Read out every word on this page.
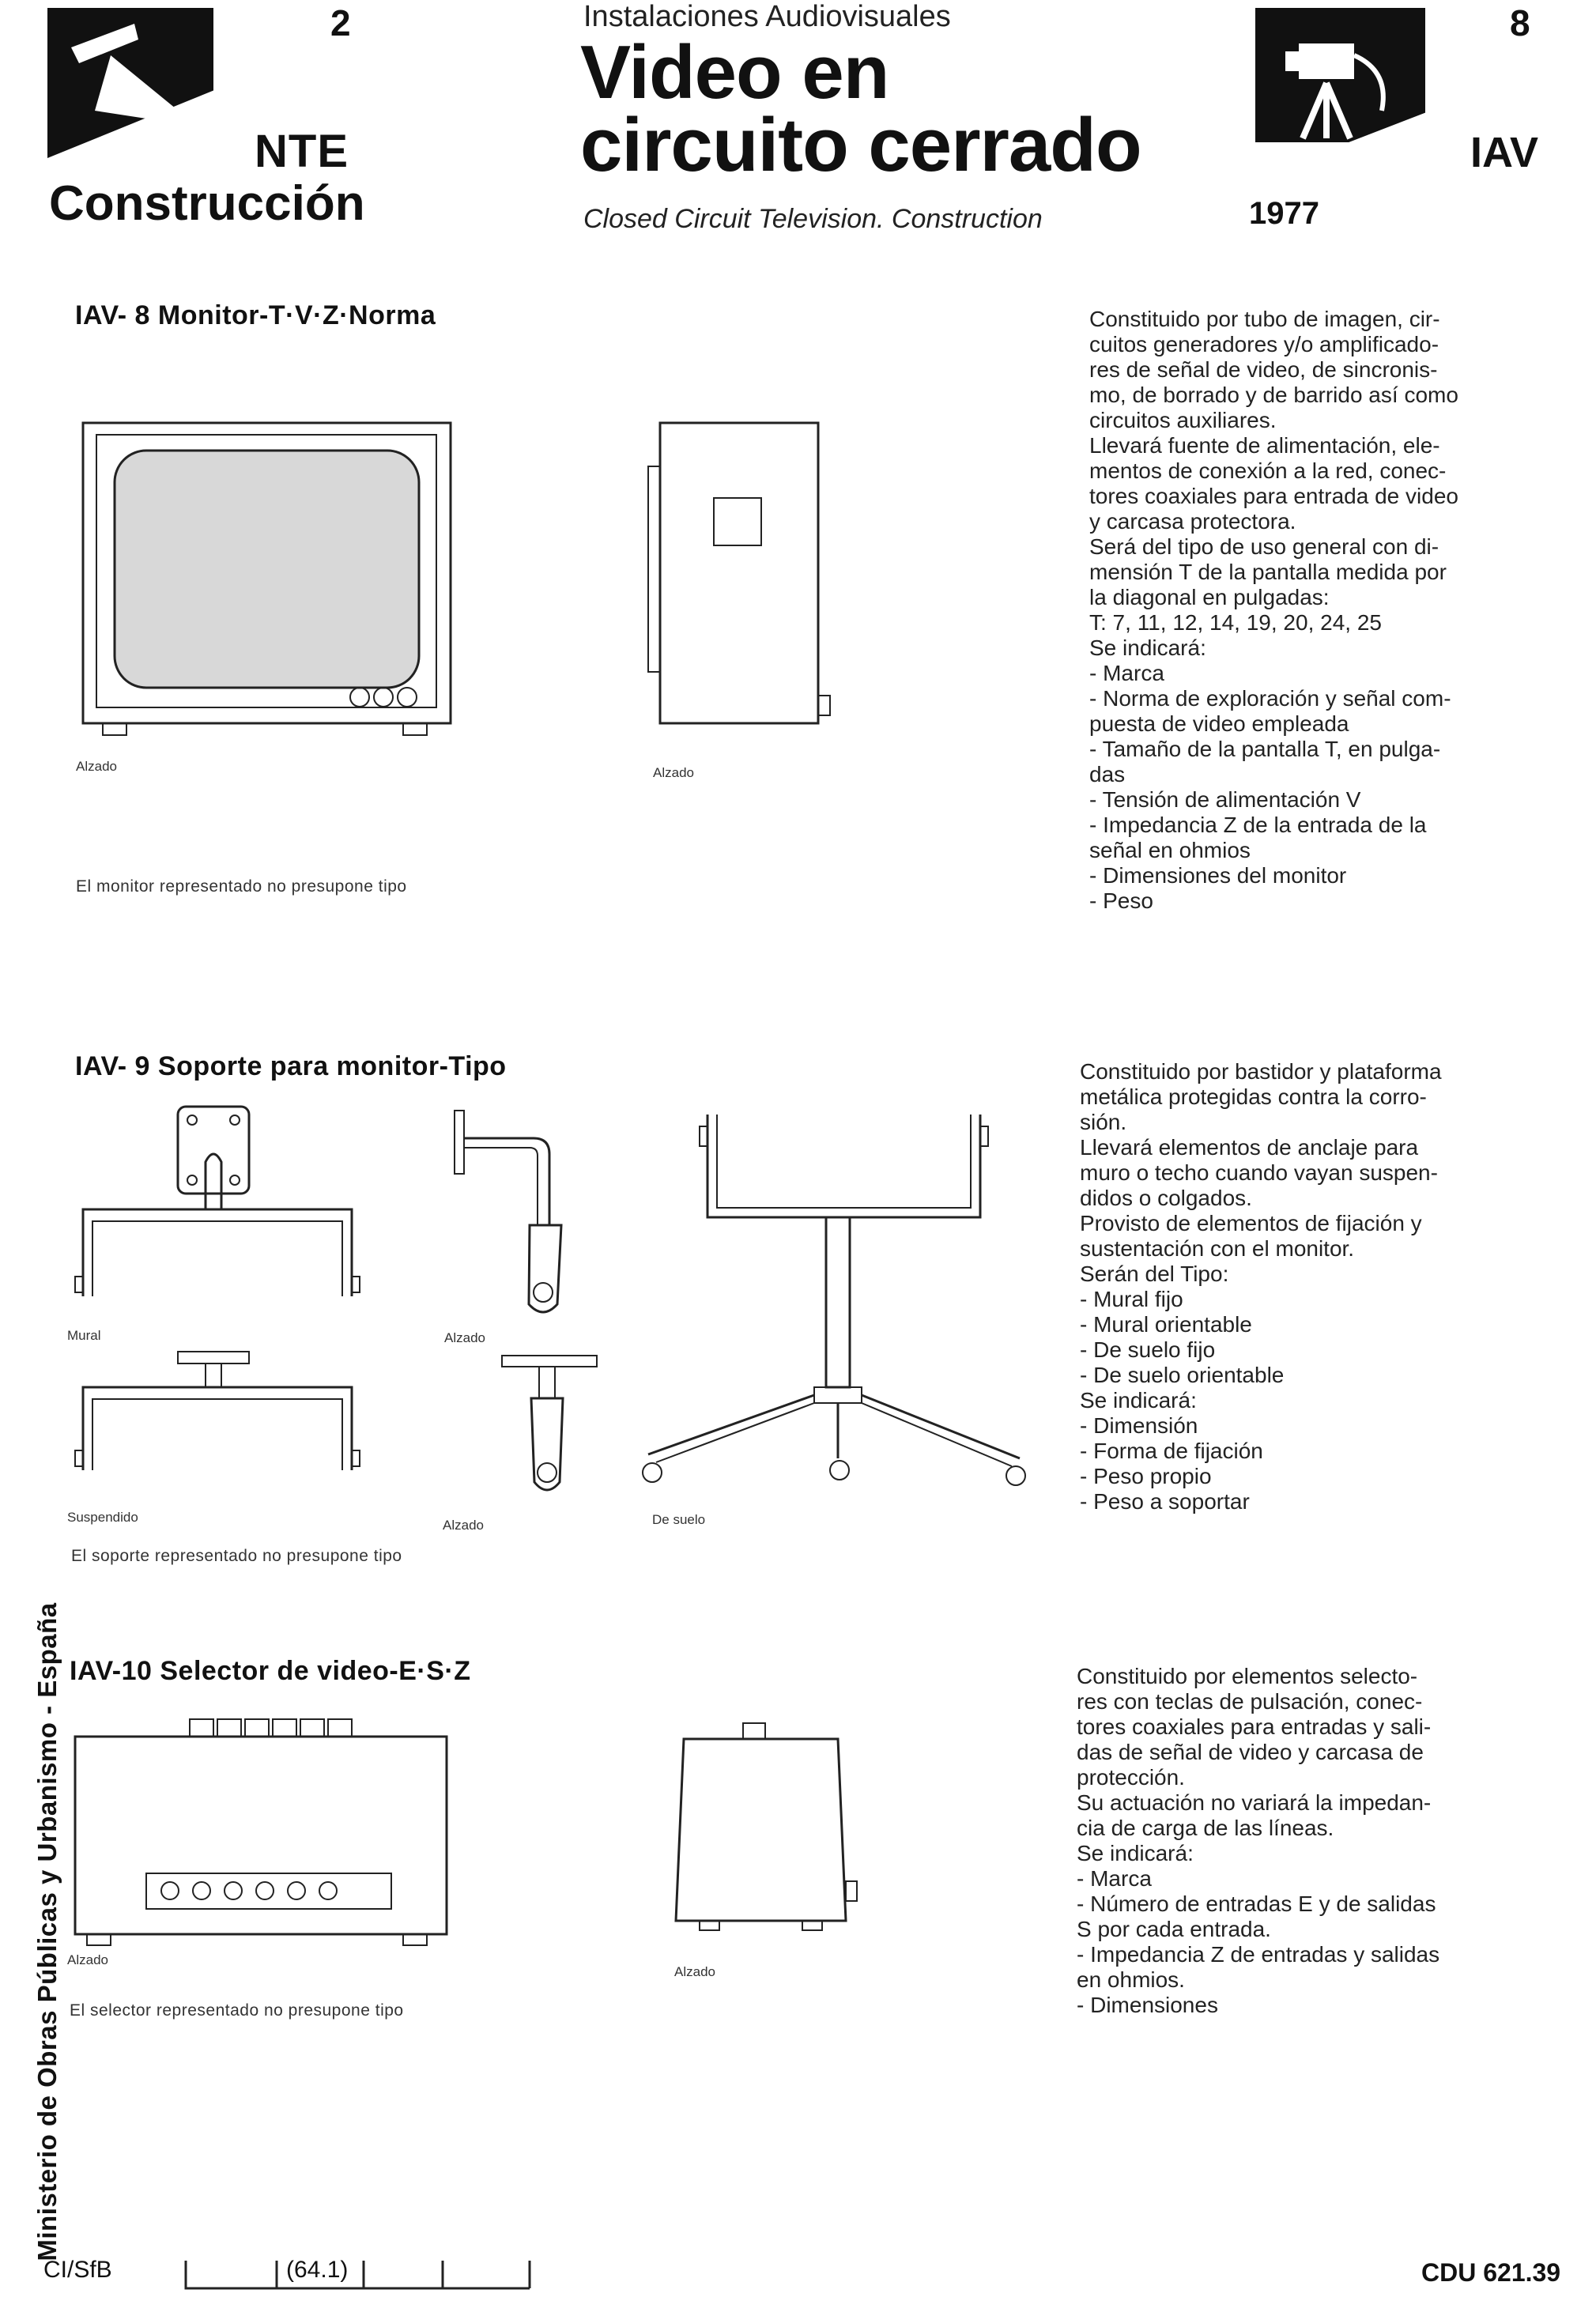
2
NTE
Construcción
Instalaciones Audiovisuales
Video en
circuito cerrado
Closed Circuit Television. Construction
8
1977
IAV
IAV- 8 Monitor-T·V·Z·Norma
Alzado	Alzado
El monitor representado no presupone tipo
Constituido por tubo de imagen, cir-
cuitos generadores y/o amplificado-
res de señal de video, de sincronis-
mo, de borrado y de barrido así como
circuitos auxiliares.
Llevará fuente de alimentación, ele-
mentos de conexión a la red, conec-
tores coaxiales para entrada de video
y carcasa protectora.
Será del tipo de uso general con di-
mensión T de la pantalla medida por
la diagonal en pulgadas:
T: 7, 11, 12, 14, 19, 20, 24, 25
Se indicará:
- Marca
- Norma de exploración y señal com-
puesta de video empleada
- Tamaño de la pantalla T, en pulga-
das
- Tensión de alimentación V
- Impedancia Z de la entrada de la
señal en ohmios
- Dimensiones del monitor
- Peso
IAV- 9 Soporte para monitor-Tipo
Mural	Alzado
Suspendido
Alzado	De suelo
El soporte representado no presupone tipo
Constituido por bastidor y plataforma
metálica protegidas contra la corro-
sión.
Llevará elementos de anclaje para
muro o techo cuando vayan suspen-
didos o colgados.
Provisto de elementos de fijación y
sustentación con el monitor.
Serán del Tipo:
- Mural fijo
- Mural orientable
- De suelo fijo
- De suelo orientable
Se indicará:
- Dimensión
- Forma de fijación
- Peso propio
- Peso a soportar
IAV-10 Selector de video-E·S·Z
Alzado
Alzado
El selector representado no presupone tipo
Constituido por elementos selecto-
res con teclas de pulsación, conec-
tores coaxiales para entradas y sali-
das de señal de video y carcasa de
protección.
Su actuación no variará la impedan-
cia de carga de las líneas.
Se indicará:
- Marca
- Número de entradas E y de salidas
S por cada entrada.
- Impedancia Z de entradas y salidas
en ohmios.
- Dimensiones
Ministerio de Obras Públicas y Urbanismo - España
CI/SfB	(64.1)	CDU 621.39
